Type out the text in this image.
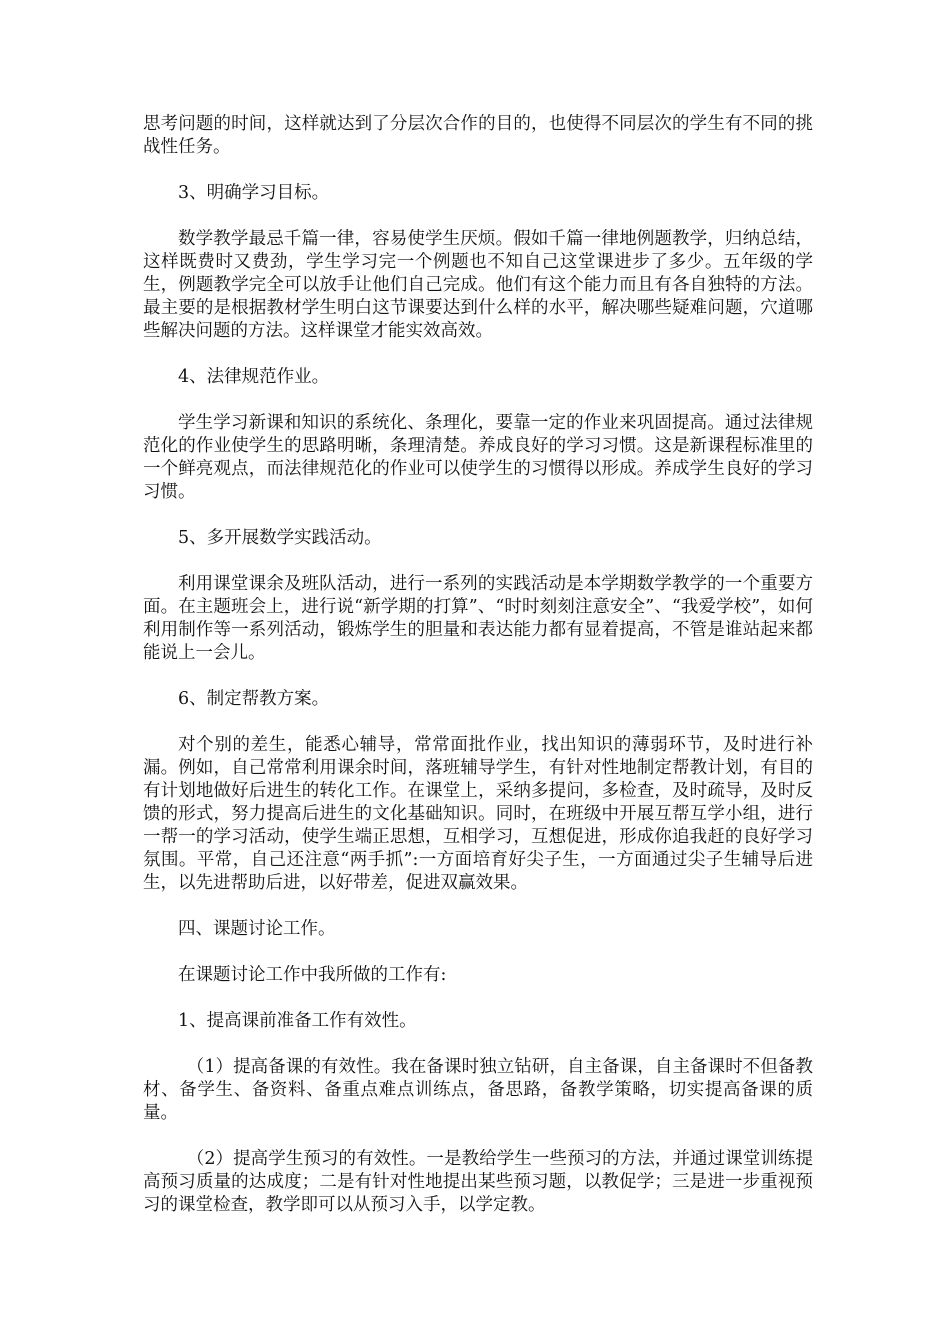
思考问题的时间，这样就达到了分层次合作的目的，也使得不同层次的学生有不同的挑战性任务。

3、明确学习目标。

数学教学最忌千篇一律，容易使学生厌烦。假如千篇一律地例题教学，归纳总结，这样既费时又费劲，学生学习完一个例题也不知自己这堂课进步了多少。五年级的学生，例题教学完全可以放手让他们自己完成。他们有这个能力而且有各自独特的方法。最主要的是根据教材学生明白这节课要达到什么样的水平，解决哪些疑难问题，穴道哪些解决问题的方法。这样课堂才能实效高效。

4、法律规范作业。

学生学习新课和知识的系统化、条理化，要靠一定的作业来巩固提高。通过法律规范化的作业使学生的思路明晰，条理清楚。养成良好的学习习惯。这是新课程标准里的一个鲜亮观点，而法律规范化的作业可以使学生的习惯得以形成。养成学生良好的学习习惯。

5、多开展数学实践活动。

利用课堂课余及班队活动，进行一系列的实践活动是本学期数学教学的一个重要方面。在主题班会上，进行说“新学期的打算”、“时时刻刻注意安全”、“我爱学校”，如何利用制作等一系列活动，锻炼学生的胆量和表达能力都有显着提高，不管是谁站起来都能说上一会儿。

6、制定帮教方案。

对个别的差生，能悉心辅导，常常面批作业，找出知识的薄弱环节，及时进行补漏。例如，自己常常利用课余时间，落班辅导学生，有针对性地制定帮教计划，有目的有计划地做好后进生的转化工作。在课堂上，采纳多提问，多检查，及时疏导，及时反馈的形式，努力提高后进生的文化基础知识。同时，在班级中开展互帮互学小组，进行一帮一的学习活动，使学生端正思想，互相学习，互想促进，形成你追我赶的良好学习氛围。平常，自己还注意“两手抓”:一方面培育好尖子生，一方面通过尖子生辅导后进生，以先进帮助后进，以好带差，促进双赢效果。

四、课题讨论工作。

在课题讨论工作中我所做的工作有:

1、提高课前准备工作有效性。

（1）提高备课的有效性。我在备课时独立钻研，自主备课，自主备课时不但备教材、备学生、备资料、备重点难点训练点，备思路，备教学策略，切实提高备课的质量。

（2）提高学生预习的有效性。一是教给学生一些预习的方法，并通过课堂训练提高预习质量的达成度；二是有针对性地提出某些预习题，以教促学；三是进一步重视预习的课堂检查，教学即可以从预习入手，以学定教。
